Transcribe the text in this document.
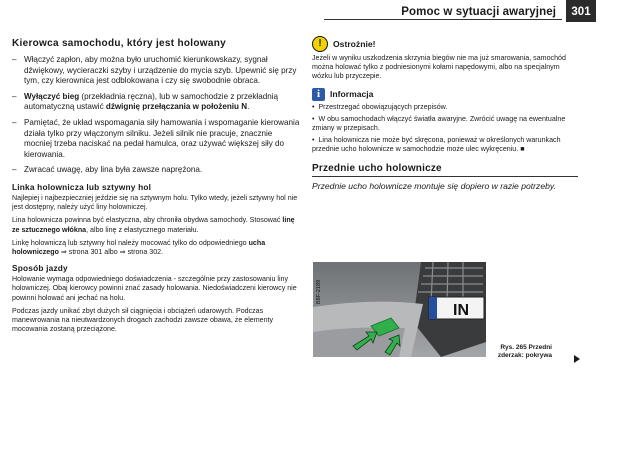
Pomoc w sytuacji awaryjnej	301
Kierowca samochodu, który jest holowany
– Włączyć zapłon, aby można było uruchomić kierunkowskazy, sygnał dźwiękowy, wycieraczki szyby i urządzenie do mycia szyb. Upewnić się przy tym, czy kierownica jest odblokowana i czy się swobodnie obraca.
– Wyłączyć bieg (przekładnia ręczna), lub w samochodzie z przekładnią automatyczną ustawić dźwignię przełączania w położeniu N.
– Pamiętać, że układ wspomagania siły hamowania i wspomaganie kierowania działa tylko przy włączonym silniku. Jeżeli silnik nie pracuje, znacznie mocniej trzeba naciskać na pedał hamulca, oraz używać większej siły do kierowania.
– Zwracać uwagę, aby lina była zawsze naprężona.
Linka holownicza lub sztywny hol

Najlepiej i najbezpieczniej jeździe się na sztywnym holu. Tylko wtedy, jeżeli sztywny hol nie jest dostępny, należy użyć liny holowniczej.

Lina holownicza powinna być elastyczna, aby chroniła obydwa samochody. Stosować linę ze sztucznego włókna, albo linę z elastycznego materiału.

Linkę holowniczą lub sztywny hol należy mocować tylko do odpowiedniego ucha holowniczego ⇒ strona 301 albo ⇒ strona 302.

Sposób jazdy

Holowanie wymaga odpowiedniego doświadczenia - szczególnie przy zastosowaniu liny holowniczej. Obaj kierowcy powinni znać zasady holowania. Niedoświadczeni kierowcy nie powinni holować ani jechać na holu.

Podczas jazdy unikać zbyt dużych sił ciągnięcia i obciążeń udarowych. Podczas manewrowania na nieutwardzonych drogach zachodzi zawsze obawa, że elementy mocowania zostaną przeciążone.

!	Ostrożnie!

Jeżeli w wyniku uszkodzenia skrzynia biegów nie ma już smarowania, samochód można holować tylko z podniesionymi kołami napędowymi, albo na specjalnym wózku lub przyczepie.

i	Informacja

•  Przestrzegać obowiązujących przepisów.

•  W obu samochodach włączyć światła awaryjne. Zwrócić uwagę na ewentualne zmiany w przepisach.

•  Lina holownicza nie może być skręcona, ponieważ w określonych warunkach przednie ucho holownicze w samochodzie może ulec wykręceniu. ■

Przednie ucho holownicze

Przednie ucho holownicze montuje się dopiero w razie potrzeby.

IN
B8F-2189
Rys. 265 Przedni zderzak: pokrywa
